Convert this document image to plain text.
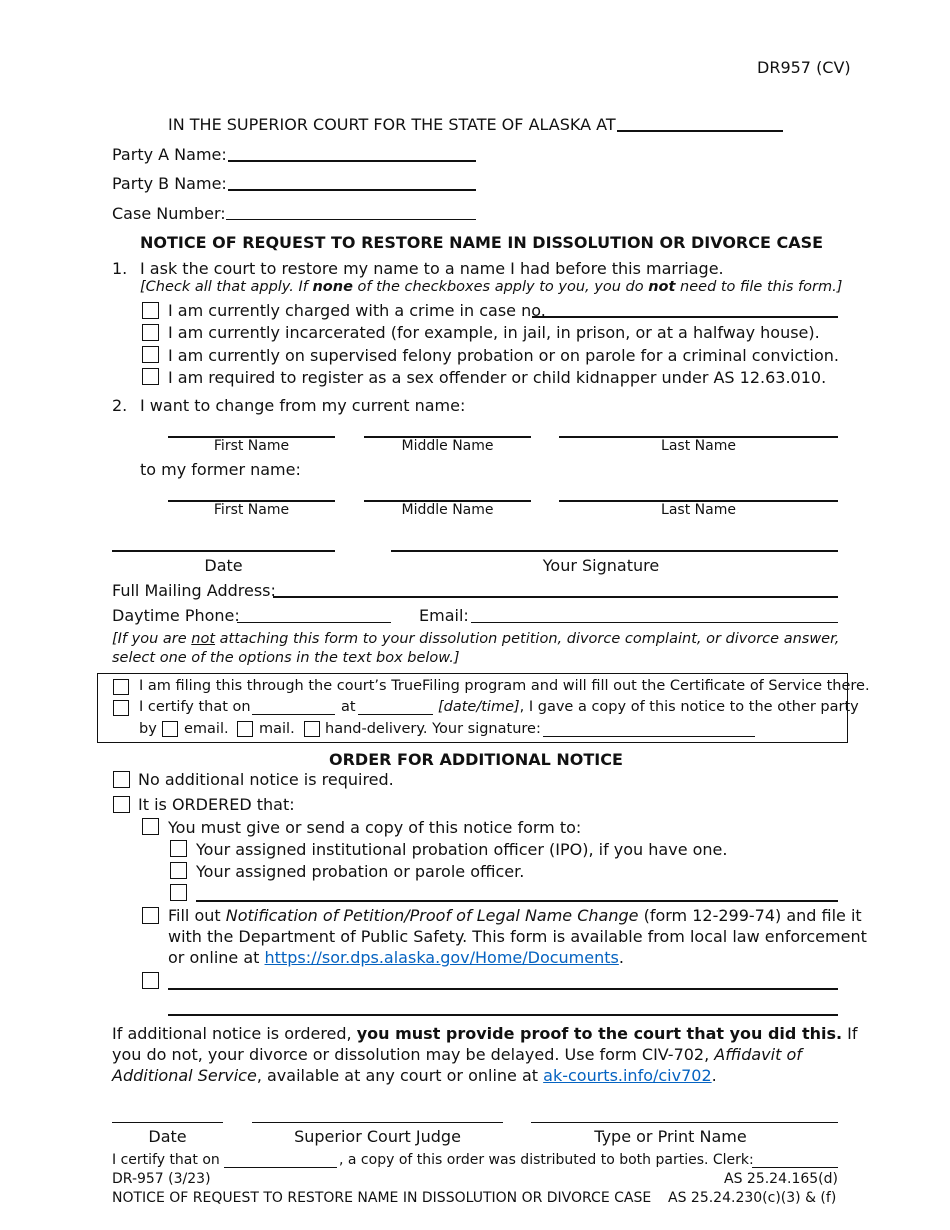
DR957 (CV)
IN THE SUPERIOR COURT FOR THE STATE OF ALASKA AT
Party A Name:
Party B Name:
Case Number:
NOTICE OF REQUEST TO RESTORE NAME IN DISSOLUTION OR DIVORCE CASE
1. I ask the court to restore my name to a name I had before this marriage.
[Check all that apply. If none of the checkboxes apply to you, you do not need to file this form.]
I am currently charged with a crime in case no.
I am currently incarcerated (for example, in jail, in prison, or at a halfway house).
I am currently on supervised felony probation or on parole for a criminal conviction.
I am required to register as a sex offender or child kidnapper under AS 12.63.010.
2. I want to change from my current name:
First Name	Middle Name	Last Name
to my former name:
First Name	Middle Name	Last Name
Date	Your Signature
Full Mailing Address:
Daytime Phone:	Email:
[If you are not attaching this form to your dissolution petition, divorce complaint, or divorce answer,
select one of the options in the text box below.]
I am filing this through the court’s TrueFiling program and will fill out the Certificate of Service there.
I certify that on	at	[date/time], I gave a copy of this notice to the other party
by email. mail. hand-delivery. Your signature:
ORDER FOR ADDITIONAL NOTICE
No additional notice is required.
It is ORDERED that:
You must give or send a copy of this notice form to:
Your assigned institutional probation officer (IPO), if you have one.
Your assigned probation or parole officer.
Fill out Notification of Petition/Proof of Legal Name Change (form 12-299-74) and file it
with the Department of Public Safety. This form is available from local law enforcement
or online at https://sor.dps.alaska.gov/Home/Documents.
If additional notice is ordered, you must provide proof to the court that you did this. If
you do not, your divorce or dissolution may be delayed. Use form CIV-702, Affidavit of
Additional Service, available at any court or online at ak-courts.info/civ702.
Date	Superior Court Judge	Type or Print Name
I certify that on	, a copy of this order was distributed to both parties. Clerk:
DR-957 (3/23)	AS 25.24.165(d)
NOTICE OF REQUEST TO RESTORE NAME IN DISSOLUTION OR DIVORCE CASE AS 25.24.230(c)(3) & (f)
